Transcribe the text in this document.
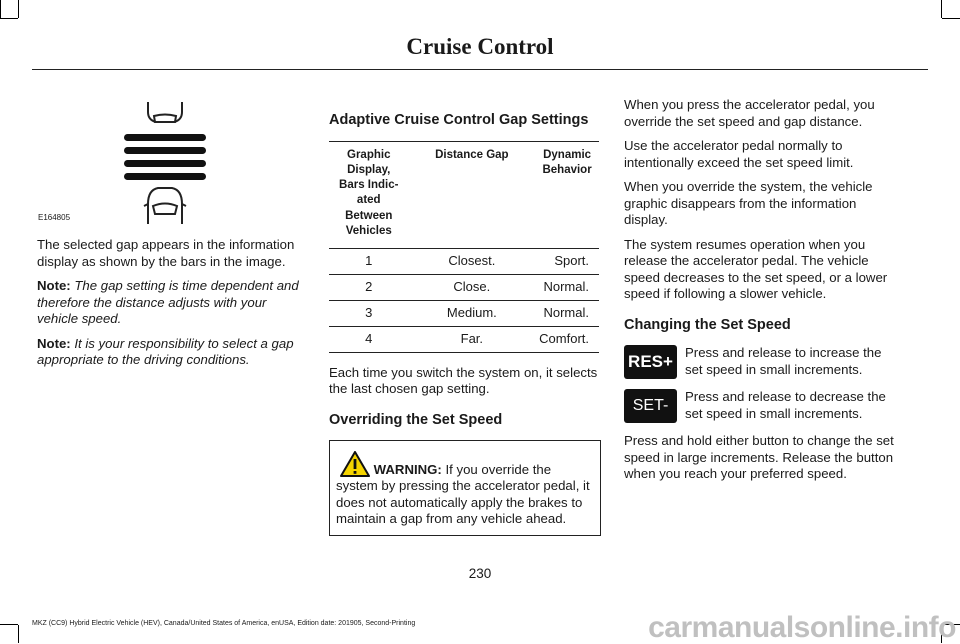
Cruise Control
E164805

The selected gap appears in the information display as shown by the bars in the image.

Note: The gap setting is time dependent and therefore the distance adjusts with your vehicle speed.

Note: It is your responsibility to select a gap appropriate to the driving conditions.

Adaptive Cruise Control Gap Settings
Graphic Display, Bars Indic-ated Between Vehicles	Distance Gap	Dynamic Behavior
1	Closest.	Sport.
2	Close.	Normal.
3	Medium.	Normal.
4	Far.	Comfort.

Each time you switch the system on, it selects the last chosen gap setting.

Overriding the Set Speed
WARNING: If you override the system by pressing the accelerator pedal, it does not automatically apply the brakes to maintain a gap from any vehicle ahead.

When you press the accelerator pedal, you override the set speed and gap distance.

Use the accelerator pedal normally to intentionally exceed the set speed limit.

When you override the system, the vehicle graphic disappears from the information display.

The system resumes operation when you release the accelerator pedal. The vehicle speed decreases to the set speed, or a lower speed if following a slower vehicle.

Changing the Set Speed
RES+ Press and release to increase the set speed in small increments.
SET-
Press and release to decrease the set speed in small increments.

Press and hold either button to change the set speed in large increments. Release the button when you reach your preferred speed.

230
MKZ (CC9) Hybrid Electric Vehicle (HEV), Canada/United States of America, enUSA, Edition date: 201905, Second-Printing	carmanualsonline.info
